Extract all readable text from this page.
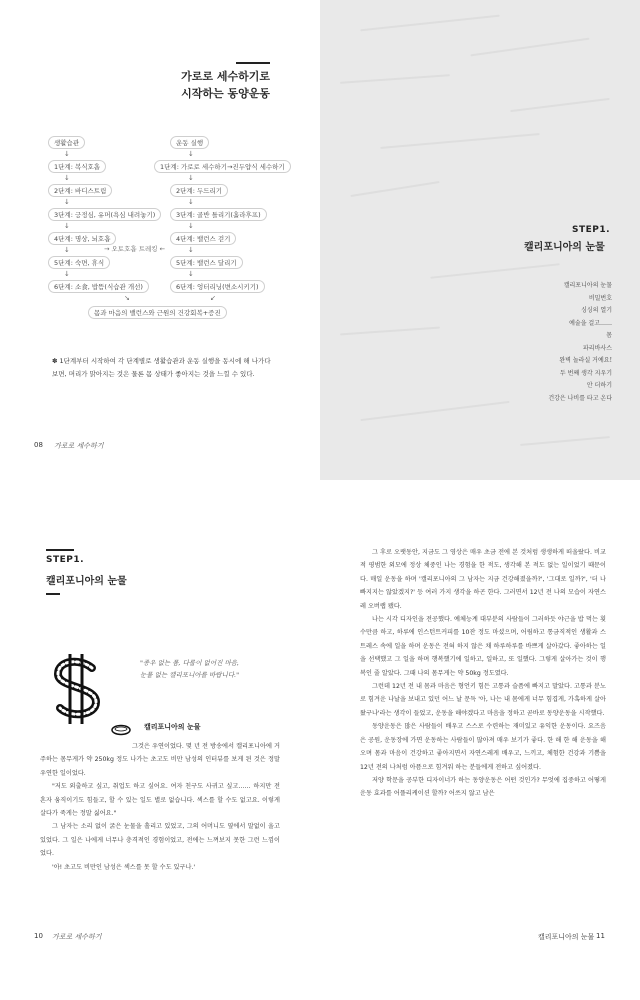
가로로 세수하기로
시작하는 동양운동
생활습관
↓
1단계: 복식호흡
↓
2단계: 바디스트림
↓
3단계: 긍정심, 유머(욕심 내려놓기)
↓
4단계: 명상, 뇌호흡
↓
5단계: 숙면, 휴식
↓
6단계: 소食, 밥뜸(식습관 개선)
운동 실행
↓
1단계: 가로로 세수하기→진두얍식 세수하기
↓
2단계: 두드리기
↓
3단계: 골반 틀리기(흘라후프)
↓
4단계: 밸런스 걷기
↓
5단계: 밸런스 달리기
↓
6단계: 엉터리닝(변소시키기)
→ 오토호흡 트레킹 ←
↘	↙
몸과 마음의 밸런스와 근원의 건강회복+증진
✽ 1단계부터 시작하여 각 단계별로 생활습관과 운동 실행을 동시에 해 나가다 보면, 머리가 맑아지는 것은 물론 몸 상태가 좋아지는 것을 느낄 수 있다.
08 가로로 세수하기
STEP1.
캘리포니아의 눈물
캘리포니아의 눈물
비밀번호
싱싱의 열기
예술을 걸고……
몸
파리바사스
완벽 놀라실 거예요!
두 번째 생각 지우기
안 더하기
건강은 나비를 타고 온다
STEP1.
캘리포니아의 눈물
"종우 없는 몸, 다룹이 없어진 마음,
눈물 없는 캘리포니아를 바랍니다."
캘리포니아의 눈물

그것은 우연이었다. 몇 년 전 방송에서 캘리포니아에 거주하는 몸무게가 약 250kg 정도 나가는 초고도 비만 남성의 인터뷰를 보게 된 것은 정말 우연한 일이었다.

"저도 외출하고 싶고, 취업도 하고 싶어요. 여자 친구도 사귀고 싶고…… 하지만 전 혼자 움직이기도 힘들고, 할 수 있는 일도 별로 없습니다. 섹스를 할 수도 없고요. 이렇게 살다가 죽게는 정말 싫어요."

그 남자는 소리 없이 굵은 눈물을 흘리고 있었고, 그의 어머니도 옆에서 말없이 울고 있었다. 그 일은 나에게 너무나 충격적인 경험이었고, 전에는 느껴보지 못한 그런 느낌이었다.

'아! 초고도 비만인 남성은 섹스를 못 할 수도 있구나.'

10 가로로 세수하기

그 후로 오랫동안, 지금도 그 영상은 매우 초금 전에 본 것처럼 생생하게 떠올랐다. 비교적 평범한 외모에 정상 체중인 나는 경험을 한 적도, 생각해 본 적도 없는 일이었기 때문이다. 매일 운동을 하며 '캘리포니아의 그 남자는 지금 건강해졌을까?', '그대로 일까?', '더 나빠지지는 않았겠지?' 등 여러 가지 생각을 하곤 한다. 그러면서 12년 전 나의 모습이 자연스레 오버랩 됐다.

나는 시각 디자인을 전공했다. 예체능계 대부분의 사람들이 그러하듯 야근을 밥 먹는 횟수만큼 하고, 하루에 인스턴트커피를 10잔 정도 마셨으며, 어림하고 통금직적인 생활과 스트레스 속에 일을 하며 운동은 전혀 하지 않은 채 하루하루를 바쁘게 살아갔다. 좋아하는 일을 선택했고 그 일을 하며 행복했기에 일하고, 일하고, 또 일했다. 그렇게 살아가는 것이 행복인 줄 알았다. 그때 나의 몸무게는 약 50kg 정도였다.

그런데 12년 전 내 몸과 마음은 형언키 힘든 고통과 슬픔에 빠지고 말았다. 고통과 분노로 힘겨운 나날을 보내고 있던 어느 날 문득 '아, 나는 내 몸에게 너무 힘겹게, 가혹하게 살아왔구나'라는 생각이 들었고, 운동을 해야겠다고 마음을 정하고 곧바로 동양운동을 시작했다.

동양운동은 많은 사람들이 배우고 스스로 수련하는 재미있고 유익한 운동이다. 요즈음은 공원, 운동장에 가면 운동하는 사람들이 많아져 매우 보기가 좋다. 한 해 한 해 운동을 해오며 몸과 마음이 건강하고 좋아지면서 자연스레게 배우고, 느끼고, 체험한 건강과 기쁨을 12년 전의 나처럼 아픔으로 힘겨워 하는 분들에게 전하고 싶어졌다.

저양 학문을 공부한 디자이너가 하는 동양운동은 어떤 것인가? 무엇에 집중하고 어떻게 운동 효과를 어플리케이션 할까? 어쓰지 않고 남은

캘리포니아의 눈물 11
